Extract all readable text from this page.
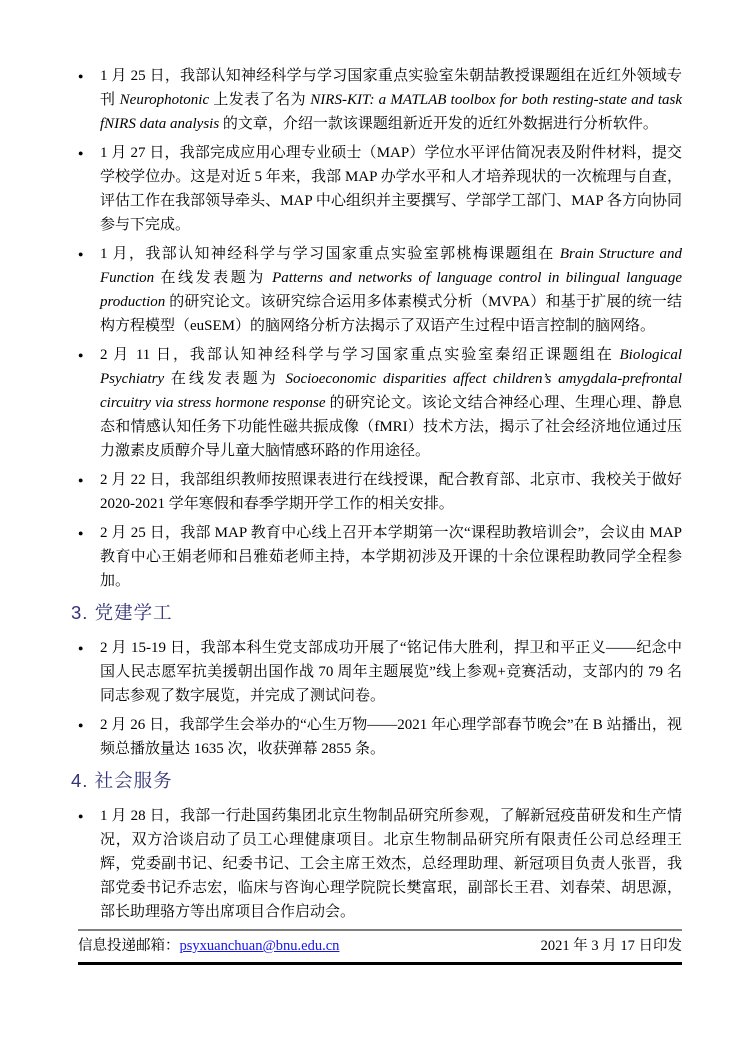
●	1 月 25 日，我部认知神经科学与学习国家重点实验室朱朝喆教授课题组在近红外领域专刊 Neurophotonic 上发表了名为 NIRS-KIT: a MATLAB toolbox for both resting-state and task fNIRS data analysis 的文章，介绍一款该课题组新近开发的近红外数据进行分析软件。

●	1 月 27 日，我部完成应用心理专业硕士（MAP）学位水平评估简况表及附件材料，提交学校学位办。这是对近 5 年来，我部 MAP 办学水平和人才培养现状的一次梳理与自查，评估工作在我部领导牵头、MAP 中心组织并主要撰写、学部学工部门、MAP 各方向协同参与下完成。

●	1 月，我部认知神经科学与学习国家重点实验室郭桃梅课题组在 Brain Structure and Function 在线发表题为 Patterns and networks of language control in bilingual language production 的研究论文。该研究综合运用多体素模式分析（MVPA）和基于扩展的统一结构方程模型（euSEM）的脑网络分析方法揭示了双语产生过程中语言控制的脑网络。

●	2 月 11 日，我部认知神经科学与学习国家重点实验室秦绍正课题组在 Biological Psychiatry 在线发表题为 Socioeconomic disparities affect children’s amygdala-prefrontal circuitry via stress hormone response 的研究论文。该论文结合神经心理、生理心理、静息态和情感认知任务下功能性磁共振成像（fMRI）技术方法，揭示了社会经济地位通过压力激素皮质醇介导儿童大脑情感环路的作用途径。

●	2 月 22 日，我部组织教师按照课表进行在线授课，配合教育部、北京市、我校关于做好 2020-2021 学年寒假和春季学期开学工作的相关安排。

●	2 月 25 日，我部 MAP 教育中心线上召开本学期第一次“课程助教培训会”，会议由 MAP 教育中心王娟老师和吕雅茹老师主持，本学期初涉及开课的十余位课程助教同学全程参加。

3. 党建学工
●	2 月 15-19 日，我部本科生党支部成功开展了“铭记伟大胜利，捍卫和平正义——纪念中国人民志愿军抗美援朝出国作战 70 周年主题展览”线上参观+竞赛活动，支部内的 79 名同志参观了数字展览，并完成了测试问卷。

●	2 月 26 日，我部学生会举办的“心生万物——2021 年心理学部春节晚会”在 B 站播出，视频总播放量达 1635 次，收获弹幕 2855 条。

4. 社会服务
●	1 月 28 日，我部一行赴国药集团北京生物制品研究所参观，了解新冠疫苗研发和生产情况，双方洽谈启动了员工心理健康项目。北京生物制品研究所有限责任公司总经理王辉，党委副书记、纪委书记、工会主席王效杰，总经理助理、新冠项目负责人张晋，我部党委书记乔志宏，临床与咨询心理学院院长樊富珉，副部长王君、刘春荣、胡思源，部长助理骆方等出席项目合作启动会。

信息投递邮箱： psyxuanchuan@bnu.edu.cn	2021 年 3 月 17 日印发
